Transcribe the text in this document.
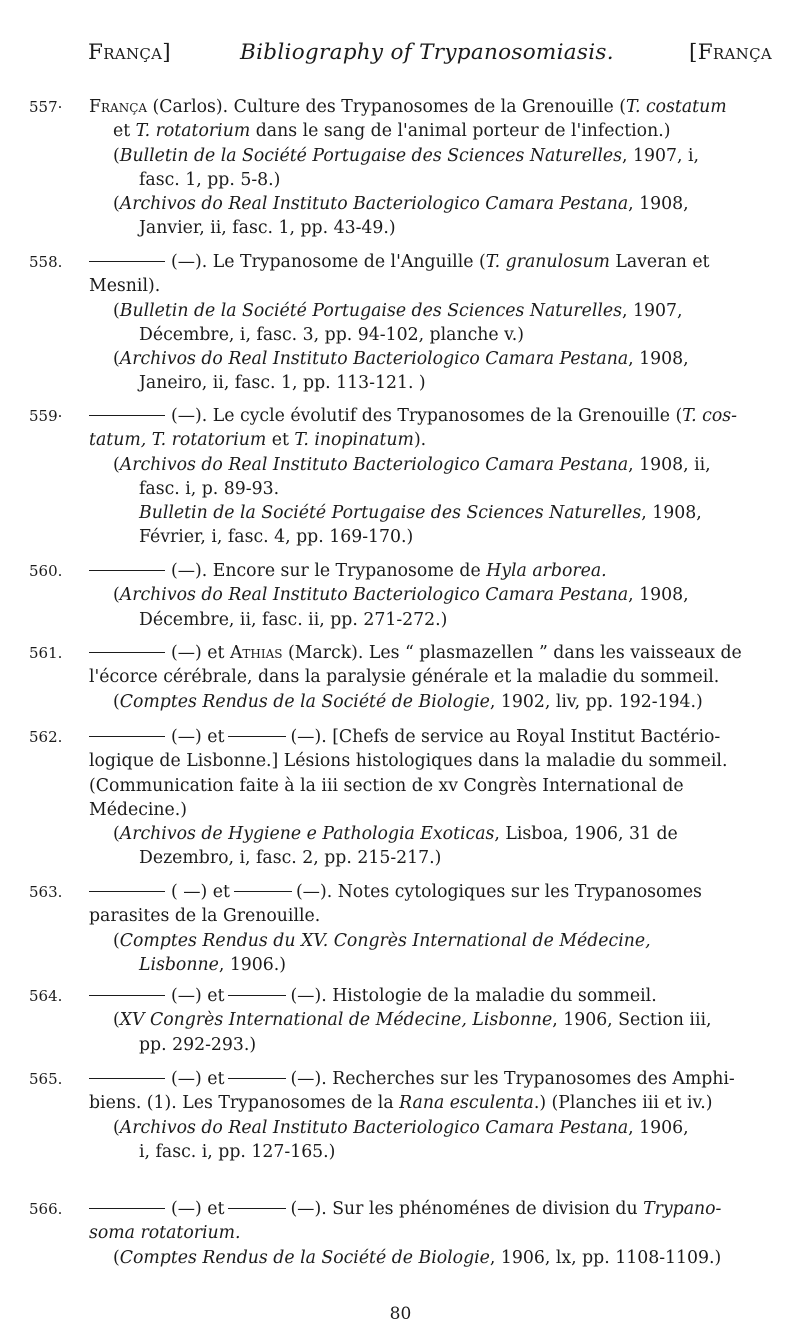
França]	Bibliography of Trypanosomiasis.	[França
557·	França (Carlos). Culture des Trypanosomes de la Grenouille (T. costatum
et T. rotatorium dans le sang de l'animal porteur de l'infection.)
(Bulletin de la Société Portugaise des Sciences Naturelles, 1907, i,
fasc. 1, pp. 5-8.)
(Archivos do Real Instituto Bacteriologico Camara Pestana, 1908,
Janvier, ii, fasc. 1, pp. 43-49.)
558.	(—). Le Trypanosome de l'Anguille (T. granulosum Laveran et
Mesnil).
(Bulletin de la Société Portugaise des Sciences Naturelles, 1907,
Décembre, i, fasc. 3, pp. 94-102, planche v.)
(Archivos do Real Instituto Bacteriologico Camara Pestana, 1908,
Janeiro, ii, fasc. 1, pp. 113-121. )
559·	(—). Le cycle évolutif des Trypanosomes de la Grenouille (T. cos-
tatum, T. rotatorium et T. inopinatum).
(Archivos do Real Instituto Bacteriologico Camara Pestana, 1908, ii,
fasc. i, p. 89-93.
Bulletin de la Société Portugaise des Sciences Naturelles, 1908,
Février, i, fasc. 4, pp. 169-170.)
560.	(—). Encore sur le Trypanosome de Hyla arborea.
(Archivos do Real Instituto Bacteriologico Camara Pestana, 1908,
Décembre, ii, fasc. ii, pp. 271-272.)
561.	(—) et Athias (Marck). Les “ plasmazellen ” dans les vaisseaux de
l'écorce cérébrale, dans la paralysie générale et la maladie du sommeil.
(Comptes Rendus de la Société de Biologie, 1902, liv, pp. 192-194.)
562.	(—) et	(—). [Chefs de service au Royal Institut Bactério-
logique de Lisbonne.] Lésions histologiques dans la maladie du sommeil.
(Communication faite à la iii section de xv Congrès International de
Médecine.)
(Archivos de Hygiene e Pathologia Exoticas, Lisboa, 1906, 31 de
Dezembro, i, fasc. 2, pp. 215-217.)
563.	( —) et	(—). Notes cytologiques sur les Trypanosomes
parasites de la Grenouille.
(Comptes Rendus du XV. Congrès International de Médecine,
Lisbonne, 1906.)
564.	(—) et	(—). Histologie de la maladie du sommeil.
(XV Congrès International de Médecine, Lisbonne, 1906, Section iii,
pp. 292-293.)
565.	(—) et	(—). Recherches sur les Trypanosomes des Amphi-
biens. (1). Les Trypanosomes de la Rana esculenta.) (Planches iii et iv.)
(Archivos do Real Instituto Bacteriologico Camara Pestana, 1906,
i, fasc. i, pp. 127-165.)
566.	(—) et	(—). Sur les phénoménes de division du Trypano-
soma rotatorium.
(Comptes Rendus de la Société de Biologie, 1906, lx, pp. 1108-1109.)
80
